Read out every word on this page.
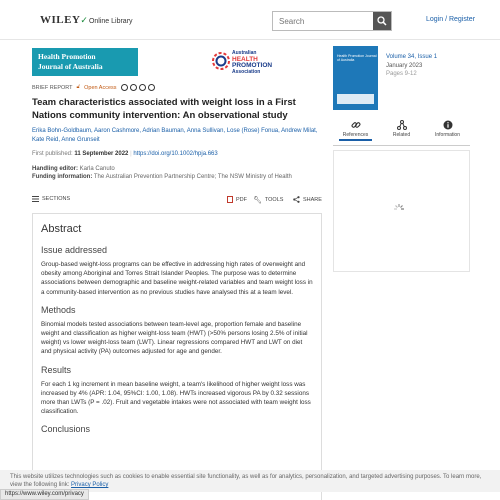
WILEY✓Online Library
Search	Login / Register
Health Promotion
Journal of Australia
Australian
HEALTH
PROMOTION
Association
BRIEF REPORT 🔓︎ Open Access
Team characteristics associated with weight loss in a First Nations community intervention: An observational study
Erika Bohn-Goldbaum, Aaron Cashmore, Adrian Bauman, Anna Sullivan, Lose (Rose) Fonua, Andrew Milat, Kate Reid, Anne Grunseit
First published: 11 September 2022 | https://doi.org/10.1002/hpja.663
Handling editor: Karla Canuto
Funding information: The Australian Prevention Partnership Centre; The NSW Ministry of Health
SECTIONS	PDF 🔧︎ TOOLS	SHARE
Abstract
Issue addressed

Group-based weight-loss programs can be effective in addressing high rates of overweight and obesity among Aboriginal and Torres Strait Islander Peoples. The purpose was to determine associations between demographic and baseline weight-related variables and team weight loss in a community-based intervention as no previous studies have analysed this at a team level.

Methods

Binomial models tested associations between team-level age, proportion female and baseline weight and classification as higher weight-loss team (HWT) (>50% persons losing 2.5% of initial weight) vs lower weight-loss team (LWT). Linear regressions compared HWT and LWT on diet and physical activity (PA) outcomes adjusted for age and gender.

Results

For each 1 kg increment in mean baseline weight, a team's likelihood of higher weight loss was increased by 4% (APR: 1.04, 95%CI: 1.00, 1.08). HWTs increased vigorous PA by 0.32 sessions more than LWTs (P = .02). Fruit and vegetable intakes were not associated with team weight loss classification.

Conclusions
Health Promotion Journal of Australia	Volume 34, Issue 1
January 2023
Pages 9-12
References	Related	Information

This website utilizes technologies such as cookies to enable essential site functionality, as well as for analytics, personalization, and targeted advertising purposes. To learn more, view the following link: Privacy Policy

https://www.wiley.com/privacy
